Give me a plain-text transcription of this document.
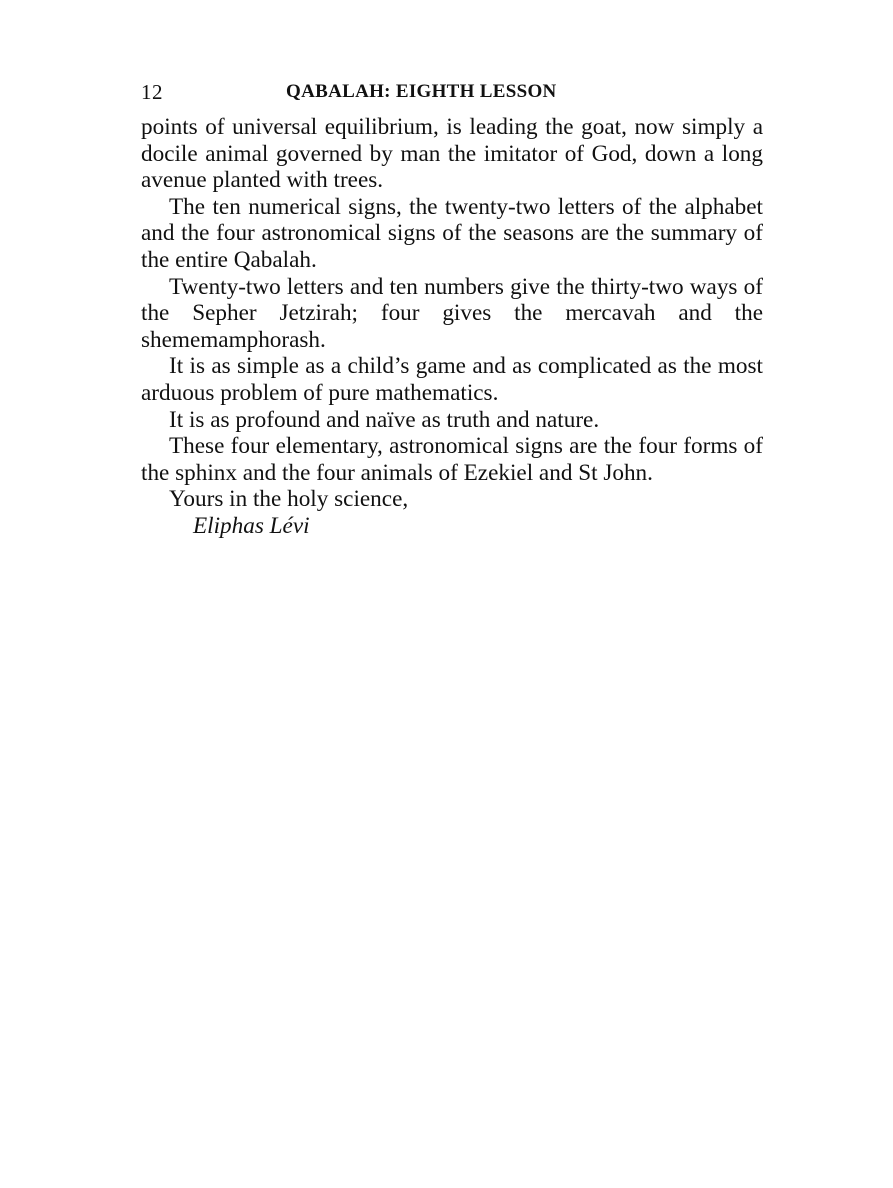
12	QABALAH: EIGHTH LESSON

points of universal equilibrium, is leading the goat, now simply a docile animal governed by man the imitator of God, down a long avenue planted with trees.

The ten numerical signs, the twenty-two letters of the alphabet and the four astronomical signs of the seasons are the summary of the entire Qabalah.

Twenty-two letters and ten numbers give the thirty-two ways of the Sepher Jetzirah; four gives the mercavah and the shememamphorash.

It is as simple as a child’s game and as complicated as the most arduous problem of pure mathematics.

It is as profound and naïve as truth and nature.

These four elementary, astronomical signs are the four forms of the sphinx and the four animals of Ezekiel and St John.

Yours in the holy science,

Eliphas Lévi
